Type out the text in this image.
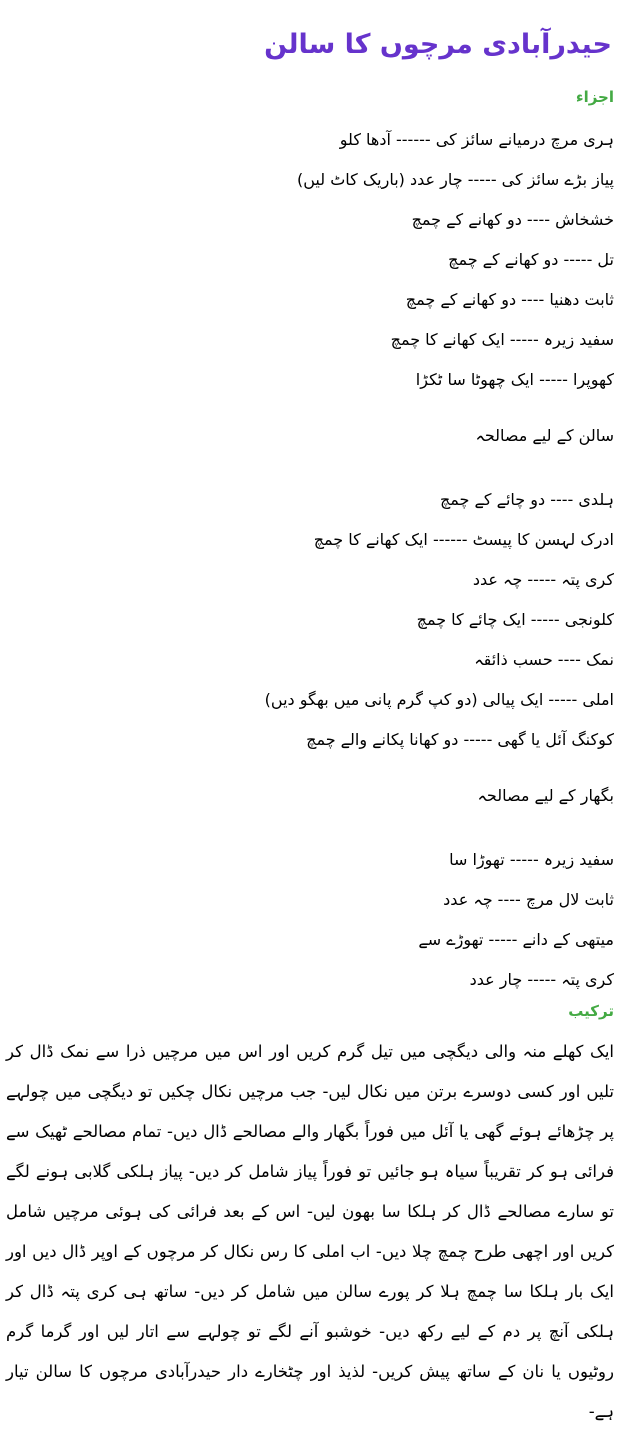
حیدرآبادی مرچوں کا سالن
اجزاء
ہری مرچ درمیانے سائز کی ------ آدھا کلو
پیاز بڑے سائز کی ----- چار عدد (باریک کاٹ لیں)
خشخاش ---- دو کھانے کے چمچ
تل ----- دو کھانے کے چمچ
ثابت دھنیا ---- دو کھانے کے چمچ
سفید زیرہ ----- ایک کھانے کا چمچ
کھوپرا ----- ایک چھوٹا سا ٹکڑا
سالن کے لیے مصالحہ
ہلدی ---- دو چائے کے چمچ
ادرک لہسن کا پیسٹ ------ ایک کھانے کا چمچ
کری پتہ ----- چہ عدد
کلونجی ----- ایک چائے کا چمچ
نمک ---- حسب ذائقہ
املی ----- ایک پیالی (دو کپ گرم پانی میں بھگو دیں)
کوکنگ آئل یا گھی ----- دو کھانا پکانے والے چمچ
بگھار کے لیے مصالحہ
سفید زیرہ ----- تھوڑا سا
ثابت لال مرچ ---- چہ عدد
میتھی کے دانے ----- تھوڑے سے
کری پتہ ----- چار عدد
ترکیب

ایک کھلے منہ والی دیگچی میں تیل گرم کریں اور اس میں مرچیں ذرا سے نمک ڈال کر تلیں اور کسی دوسرے برتن میں نکال لیں- جب مرچیں نکال چکیں تو دیگچی میں چولہے پر چڑھائے ہوئے گھی یا آئل میں فوراً بگھار والے مصالحے ڈال دیں- تمام مصالحے ٹھیک سے فرائی ہو کر تقریباً سیاہ ہو جائیں تو فوراً پیاز شامل کر دیں- پیاز ہلکی گلابی ہونے لگے تو سارے مصالحے ڈال کر ہلکا سا بھون لیں- اس کے بعد فرائی کی ہوئی مرچیں شامل کریں اور اچھی طرح چمچ چلا دیں- اب املی کا رس نکال کر مرچوں کے اوپر ڈال دیں اور ایک بار ہلکا سا چمچ ہلا کر پورے سالن میں شامل کر دیں- ساتھ ہی کری پتہ ڈال کر ہلکی آنچ پر دم کے لیے رکھ دیں- خوشبو آنے لگے تو چولہے سے اتار لیں اور گرما گرم روٹیوں یا نان کے ساتھ پیش کریں- لذیذ اور چٹخارے دار حیدرآبادی مرچوں کا سالن تیار ہے-
